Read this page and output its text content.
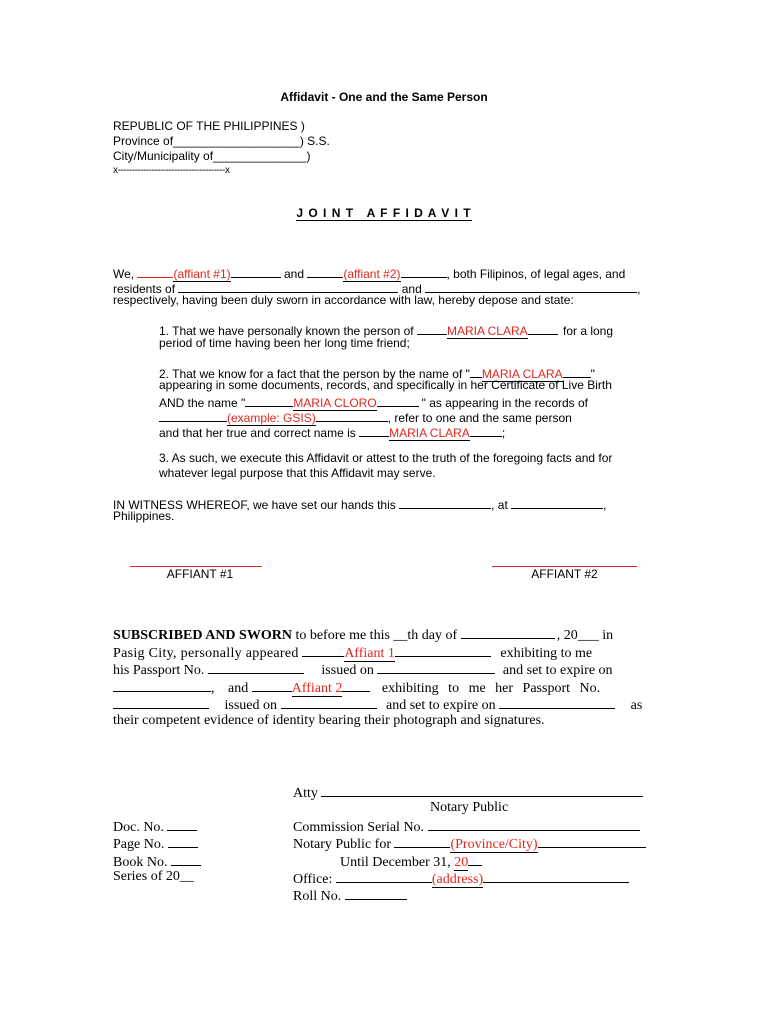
Affidavit - One and the Same Person
REPUBLIC OF THE PHILIPPINES )
Province of___________________) S.S.
City/Municipality of______________)
x--------------------------------------x
J O I N T   A F F I D A V I T
We,	(affiant #1)	and	(affiant #2)	, both Filipinos, of legal ages, and
residents of	and	,
respectively, having been duly sworn in accordance with law, hereby depose and state:
1. That we have personally known the person of	MARIA CLARA	for a long
period of time having been her long time friend;
2. That we know for a fact that the person by the name of " MARIA CLARA "
appearing in some documents, records, and specifically in her Certificate of Live Birth
AND the name "	MARIA CLORO	" as appearing in the records of
(example: GSIS)	, refer to one and the same person
and that her true and correct name is	MARIA CLARA	;
3. As such, we execute this Affidavit or attest to the truth of the foregoing facts and for
whatever legal purpose that this Affidavit may serve.
IN WITNESS WHEREOF, we have set our hands this	, at	,
Philippines.
AFFIANT #1	AFFIANT #2
SUBSCRIBED AND SWORN to before me this __th day of	, 20___ in
Pasig City, personally appeared	Affiant 1	exhibiting to me
his Passport No.	issued on	and set to expire on
, and	Affiant 2	exhibiting to me her Passport No.
issued on	and set to expire on	as
their competent evidence of identity bearing their photograph and signatures.
Atty
Notary Public
Doc. No.
Page No.
Book No.
Series of 20__
Commission Serial No.
Notary Public for	(Province/City)
Until December 31, 20
Office:	(address)
Roll No.
